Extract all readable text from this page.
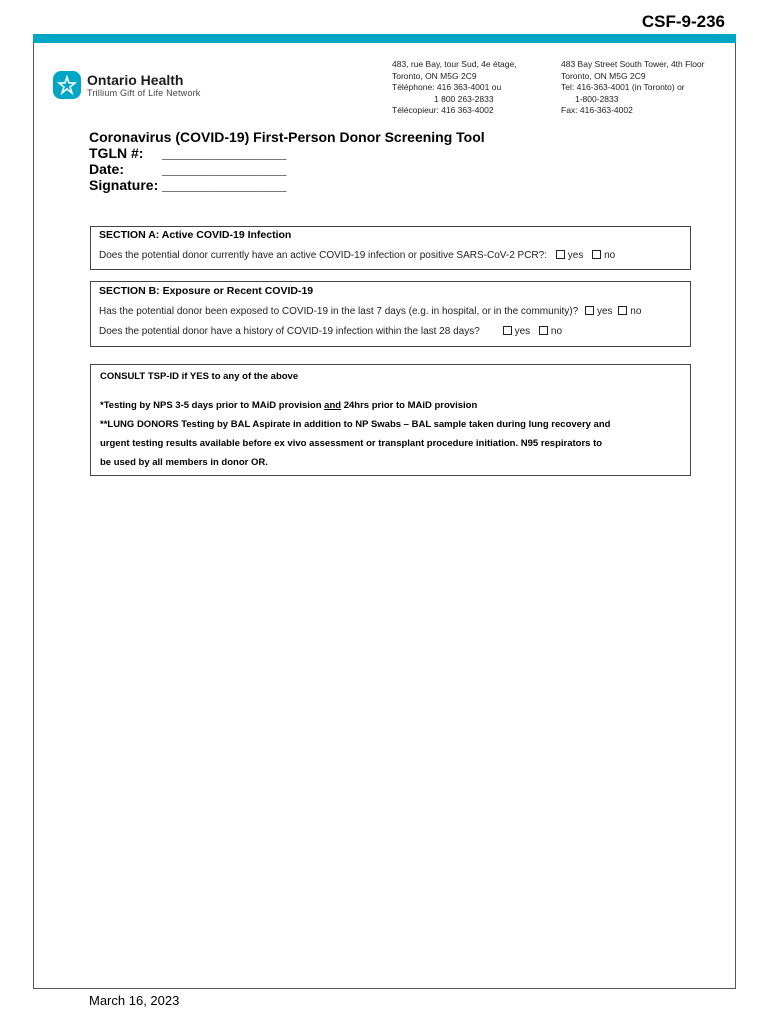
CSF-9-236
Ontario Health
Trillium Gift of Life Network
483, rue Bay, tour Sud, 4e étage,
Toronto, ON M5G 2C9
Téléphone: 416 363-4001 ou
1 800 263-2833
Télécopieur: 416 363-4002
483 Bay Street South Tower, 4th Floor
Toronto, ON M5G 2C9
Tel: 416-363-4001 (in Toronto) or
1-800-2833
Fax: 416-363-4002
Coronavirus (COVID-19) First-Person Donor Screening Tool
TGLN #:	________________
Date:	________________
Signature: ________________
SECTION A: Active COVID-19 Infection
Does the potential donor currently have an active COVID-19 infection or positive SARS-CoV-2 PCR?: yes no
SECTION B: Exposure or Recent COVID-19
Has the potential donor been exposed to COVID-19 in the last 7 days (e.g. in hospital, or in the community)? yes no
Does the potential donor have a history of COVID-19 infection within the last 28 days?	yes no
CONSULT TSP-ID if YES to any of the above
*Testing by NPS 3-5 days prior to MAiD provision and 24hrs prior to MAiD provision
**LUNG DONORS Testing by BAL Aspirate in addition to NP Swabs – BAL sample taken during lung recovery and
urgent testing results available before ex vivo assessment or transplant procedure initiation. N95 respirators to
be used by all members in donor OR.
March 16, 2023
